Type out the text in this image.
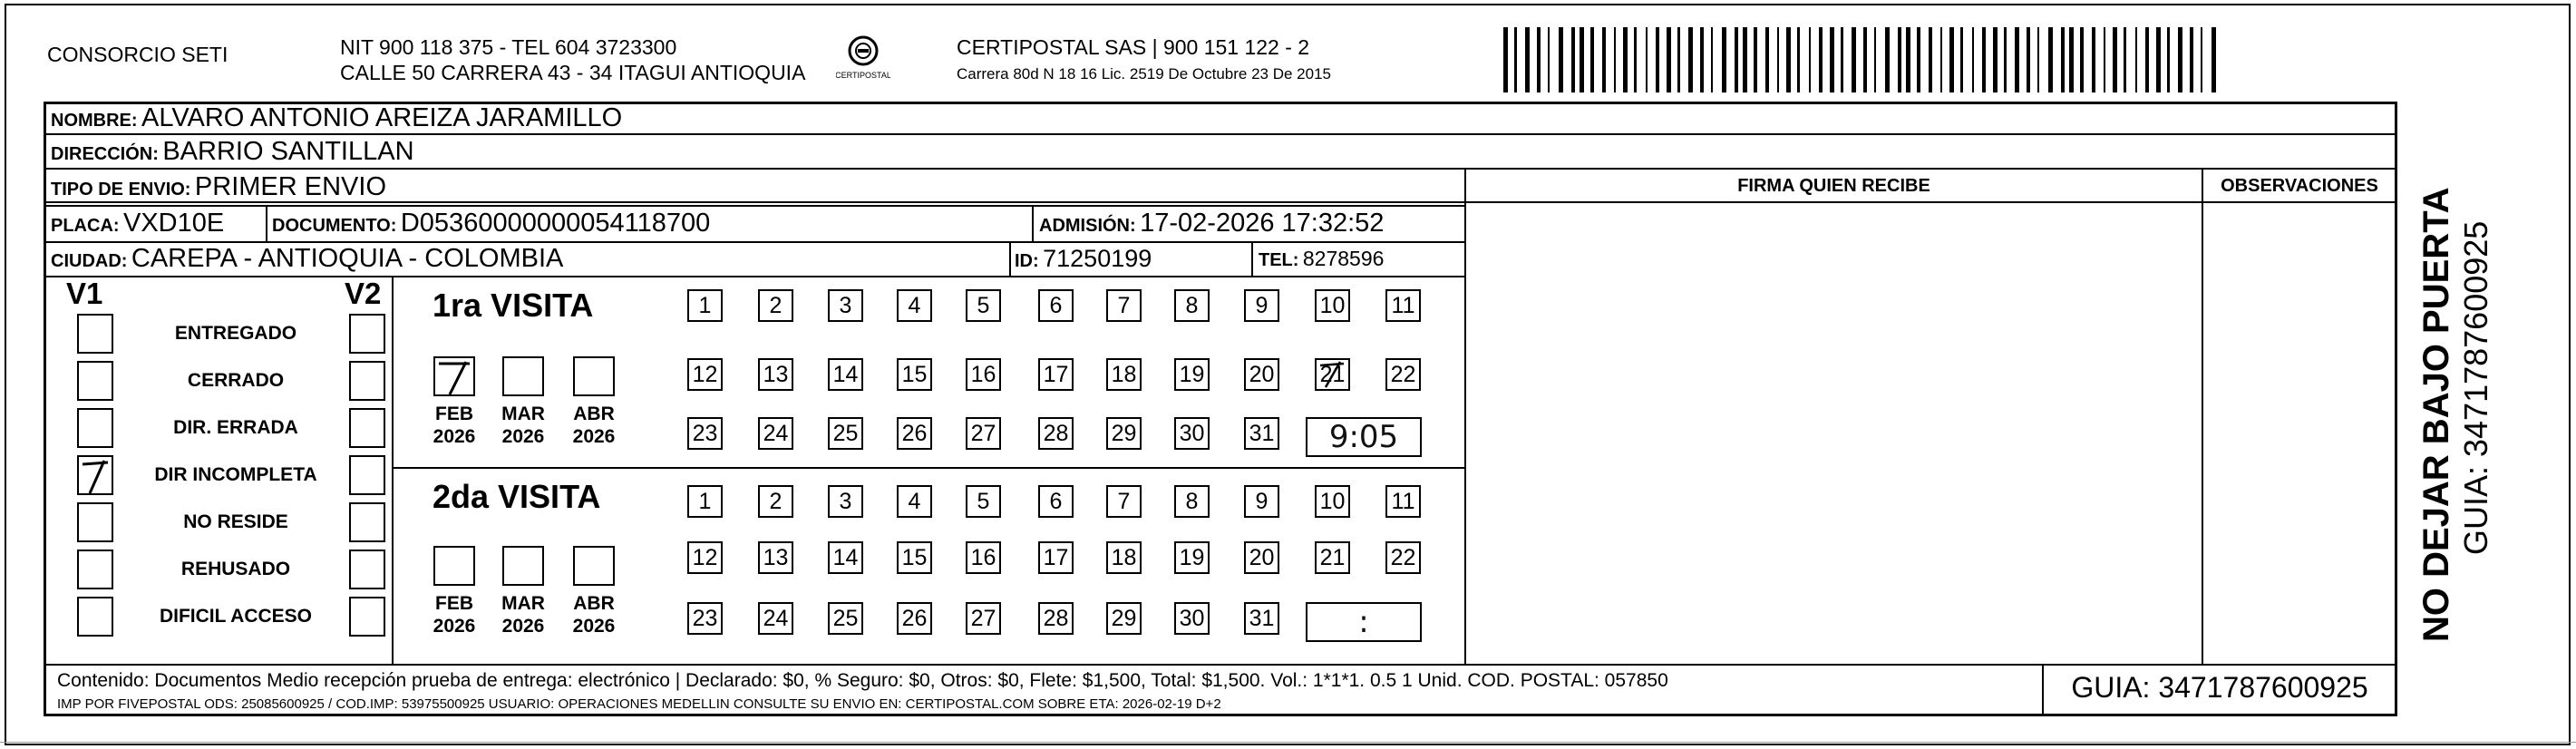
CONSORCIO SETI	NIT 900 118 375 - TEL 604 3723300
CALLE 50 CARRERA 43 - 34 ITAGUI ANTIOQUIA	CERTIPOSTAL
CERTIPOSTAL SAS | 900 151 122 - 2
Carrera 80d N 18 16 Lic. 2519 De Octubre 23 De 2015
NOMBRE: ALVARO ANTONIO AREIZA JARAMILLO
DIRECCIÓN: BARRIO SANTILLAN
TIPO DE ENVIO: PRIMER ENVIO
PLACA: VXD10E	DOCUMENTO: D05360000000054118700	ADMISIÓN: 17-02-2026 17:32:52
CIUDAD: CAREPA - ANTIOQUIA - COLOMBIA	ID: 71250199	TEL: 8278596
FIRMA QUIEN RECIBE	OBSERVACIONES
V1	V2
ENTREGADO
CERRADO
DIR. ERRADA
DIR INCOMPLETA
NO RESIDE
REHUSADO
DIFICIL ACCESO
1ra VISITA
2da VISITA
1	2	3	4	5	6	7	8	9	10 11
12 13 14 15 16 17 18 19 20 21 22
23 24 25 26 27 28 29 30 31	9:05
1	2	3	4	5	6	7	8	9	10 11
12 13 14 15 16 17 18 19 20 21 22
23 24 25 26 27 28 29 30 31	:
FEB
2026
MAR
2026
ABR
2026
FEB
2026
MAR
2026
ABR
2026
Contenido: Documentos Medio recepción prueba de entrega: electrónico | Declarado: $0, % Seguro: $0, Otros: $0, Flete: $1,500, Total: $1,500. Vol.: 1*1*1. 0.5 1 Unid. COD. POSTAL: 057850
IMP POR FIVEPOSTAL ODS: 25085600925 / COD.IMP: 53975500925 USUARIO: OPERACIONES MEDELLIN CONSULTE SU ENVIO EN: CERTIPOSTAL.COM SOBRE ETA: 2026-02-19 D+2
GUIA: 3471787600925
NO DEJAR BAJO PUERTA GUIA: 3471787600925
